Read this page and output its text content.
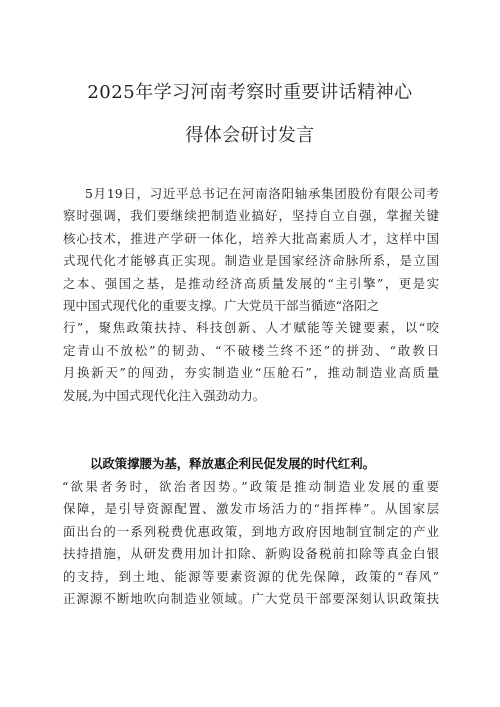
2025年学习河南考察时重要讲话精神心
得体会研讨发言
5月19日，习近平总书记在河南洛阳轴承集团股份有限公司考
察时强调，我们要继续把制造业搞好，坚持自立自强，掌握关键
核心技术，推进产学研一体化，培养大批高素质人才，这样中国
式现代化才能够真正实现。制造业是国家经济命脉所系，是立国
之本、强国之基，是推动经济高质量发展的“主引擎”，更是实
现中国式现代化的重要支撑。广大党员干部当循迹“洛阳之
行”，聚焦政策扶持、科技创新、人才赋能等关键要素，以“咬
定青山不放松”的韧劲、“不破楼兰终不还”的拼劲、“敢教日
月换新天”的闯劲，夯实制造业“压舱石”，推动制造业高质量
发展,为中国式现代化注入强劲动力。
以政策撑腰为基，释放惠企利民促发展的时代红利。
“欲果者务时，欲治者因势。”政策是推动制造业发展的重要
保障，是引导资源配置、激发市场活力的“指挥棒”。从国家层
面出台的一系列税费优惠政策，到地方政府因地制宜制定的产业
扶持措施，从研发费用加计扣除、新购设备税前扣除等真金白银
的支持，到土地、能源等要素资源的优先保障，政策的“春风”
正源源不断地吹向制造业领域。广大党员干部要深刻认识政策扶
